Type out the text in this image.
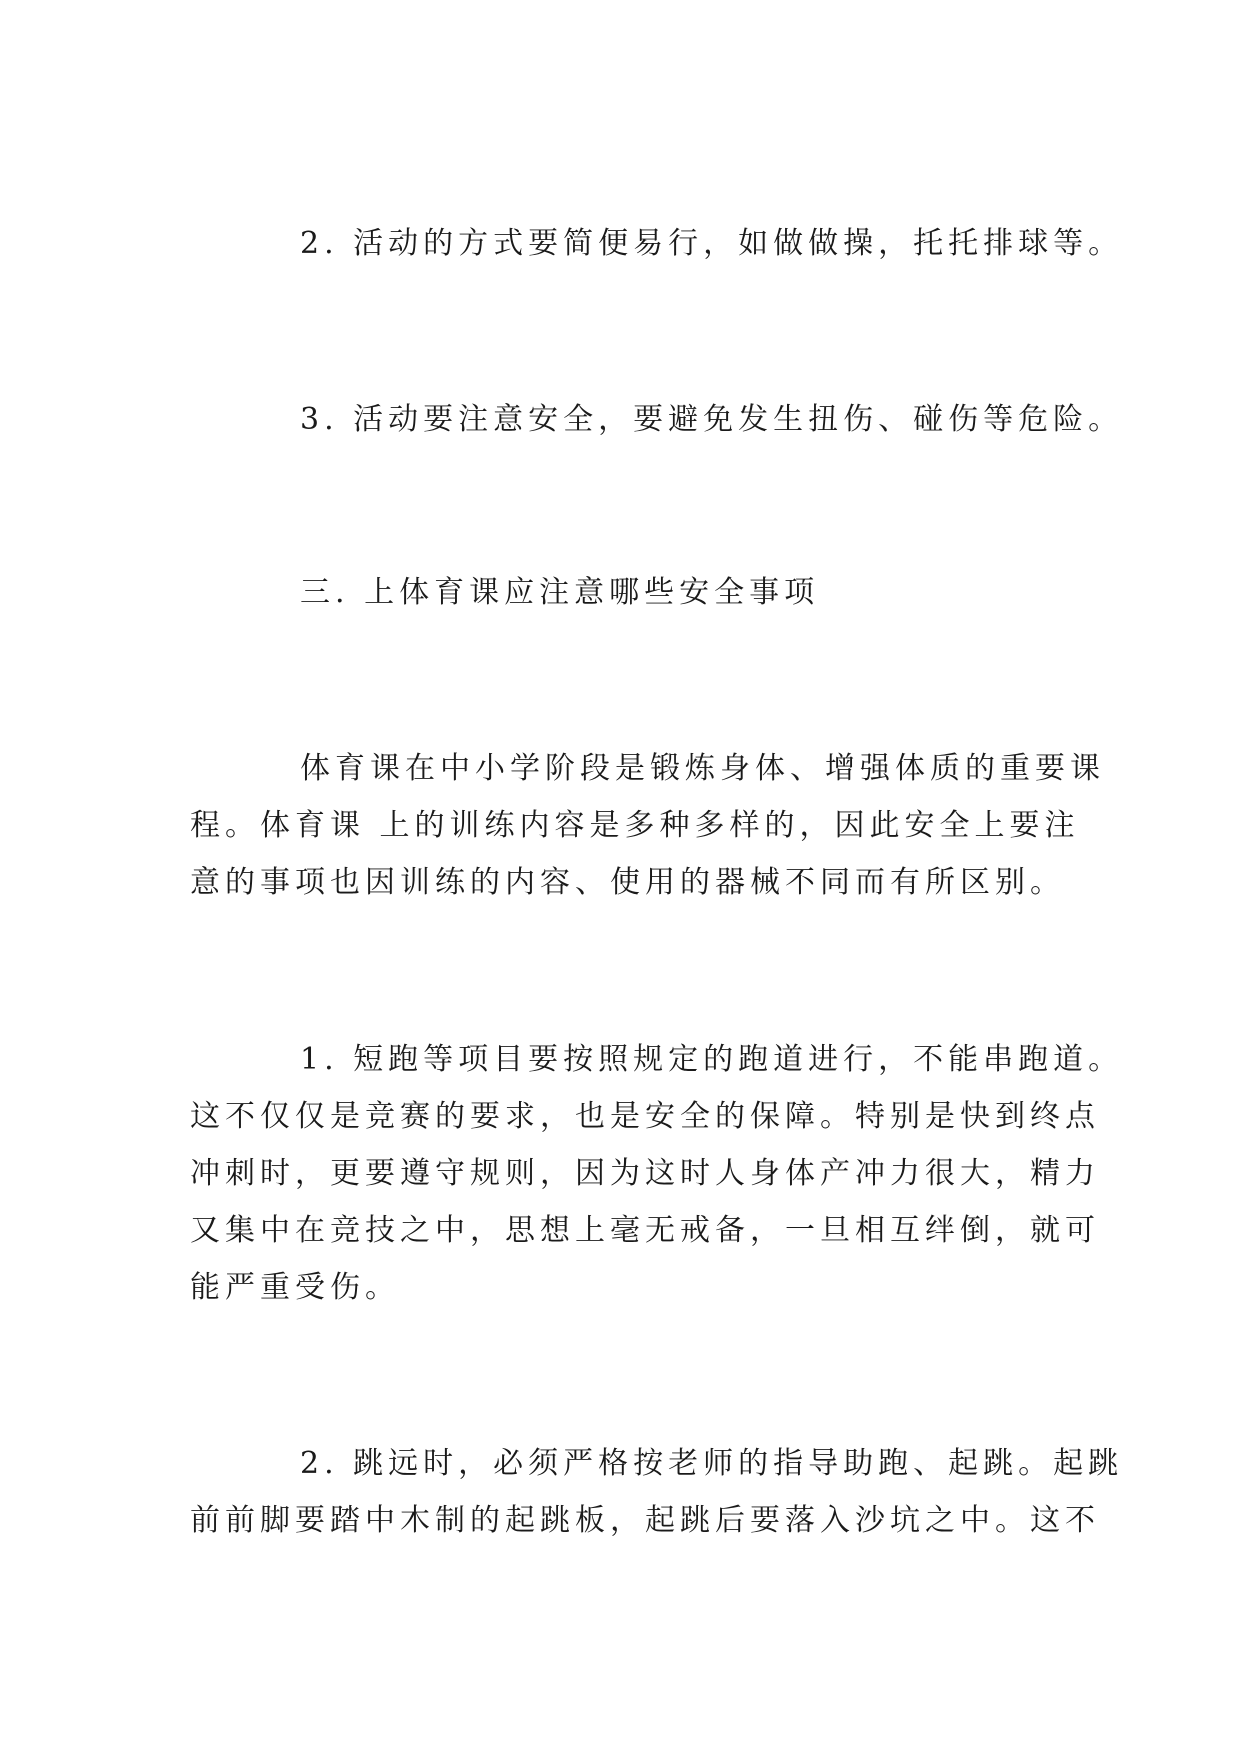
2. 活动的方式要简便易行，如做做操，托托排球等。
3. 活动要注意安全，要避免发生扭伤、碰伤等危险。
三. 上体育课应注意哪些安全事项
体育课在中小学阶段是锻炼身体、增强体质的重要课
程。体育课 上的训练内容是多种多样的，因此安全上要注
意的事项也因训练的内容、使用的器械不同而有所区别。
1. 短跑等项目要按照规定的跑道进行，不能串跑道。
这不仅仅是竞赛的要求，也是安全的保障。特别是快到终点
冲刺时，更要遵守规则，因为这时人身体产冲力很大，精力
又集中在竞技之中，思想上毫无戒备，一旦相互绊倒，就可
能严重受伤。
2. 跳远时，必须严格按老师的指导助跑、起跳。起跳
前前脚要踏中木制的起跳板，起跳后要落入沙坑之中。这不
